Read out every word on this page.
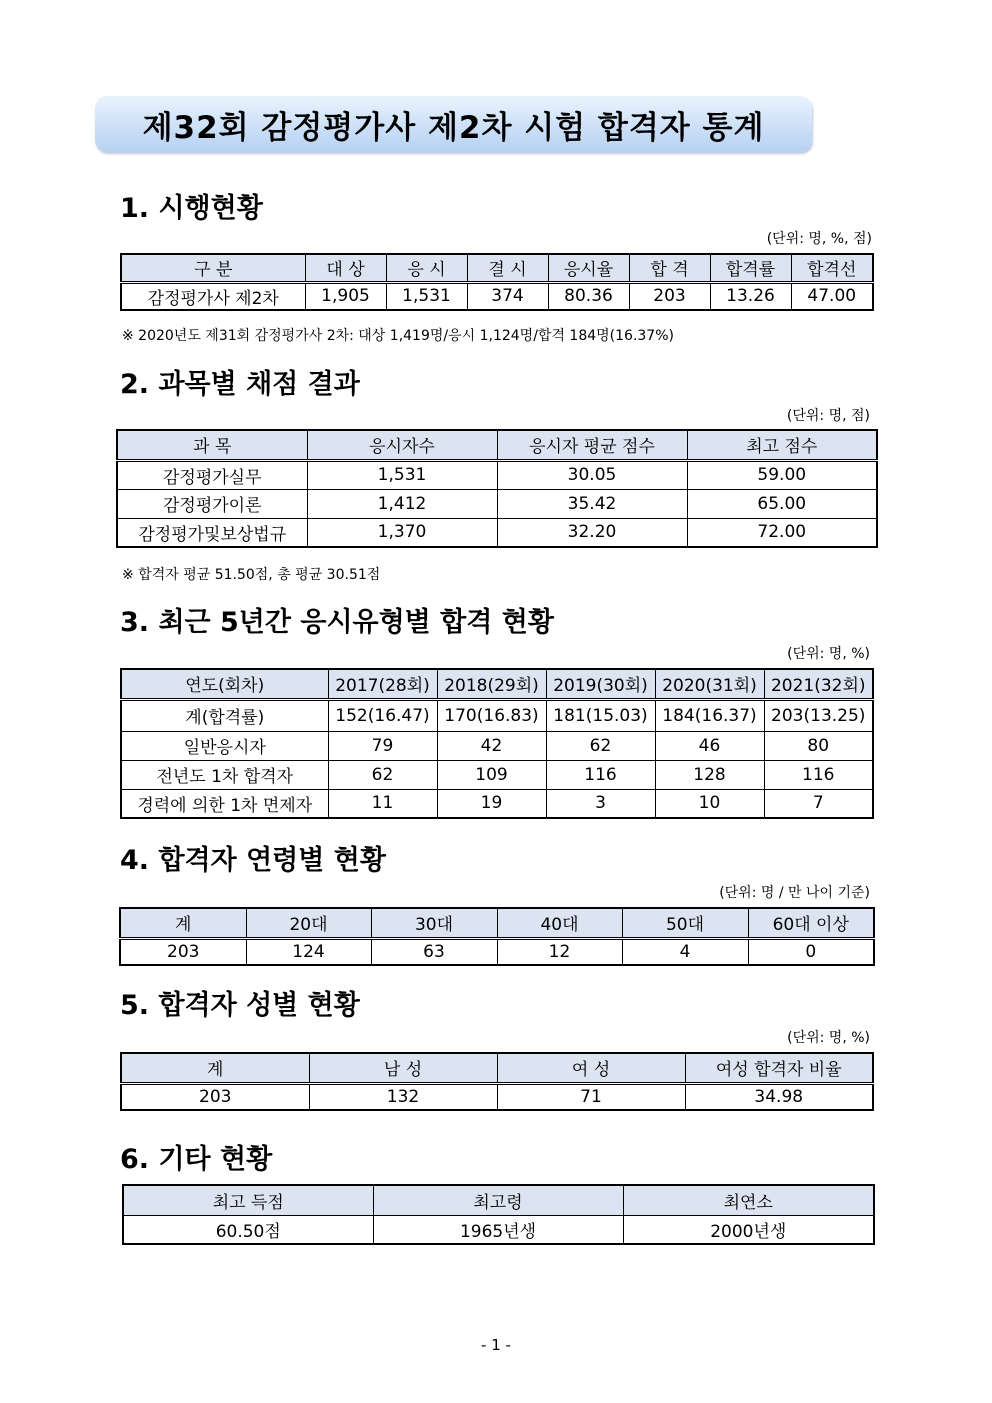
제32회 감정평가사 제2차 시험 합격자 통계
1. 시행현황
(단위: 명, %, 점)
구 분	대 상	응 시	결 시	응시율	합 격	합격률	합격선
감정평가사 제2차	1,905	1,531	374	80.36	203	13.26	47.00
※ 2020년도 제31회 감정평가사 2차: 대상 1,419명/응시 1,124명/합격 184명(16.37%)
2. 과목별 채점 결과
(단위: 명, 점)
과 목	응시자수	응시자 평균 점수	최고 점수
감정평가실무	1,531	30.05	59.00
감정평가이론	1,412	35.42	65.00
감정평가및보상법규	1,370	32.20	72.00
※ 합격자 평균 51.50점, 총 평균 30.51점
3. 최근 5년간 응시유형별 합격 현황
(단위: 명, %)
연도(회차)	2017(28회)	2018(29회)	2019(30회)	2020(31회)	2021(32회)
계(합격률)	152(16.47)	170(16.83)	181(15.03)	184(16.37)	203(13.25)
일반응시자	79	42	62	46	80
전년도 1차 합격자	62	109	116	128	116
경력에 의한 1차 면제자	11	19	3	10	7
4. 합격자 연령별 현황
(단위: 명 / 만 나이 기준)
계	20대	30대	40대	50대	60대 이상
203	124	63	12	4	0
5. 합격자 성별 현황
(단위: 명, %)
계	남 성	여 성	여성 합격자 비율
203	132	71	34.98
6. 기타 현황
최고 득점	최고령	최연소
60.50점	1965년생	2000년생
- 1 -
